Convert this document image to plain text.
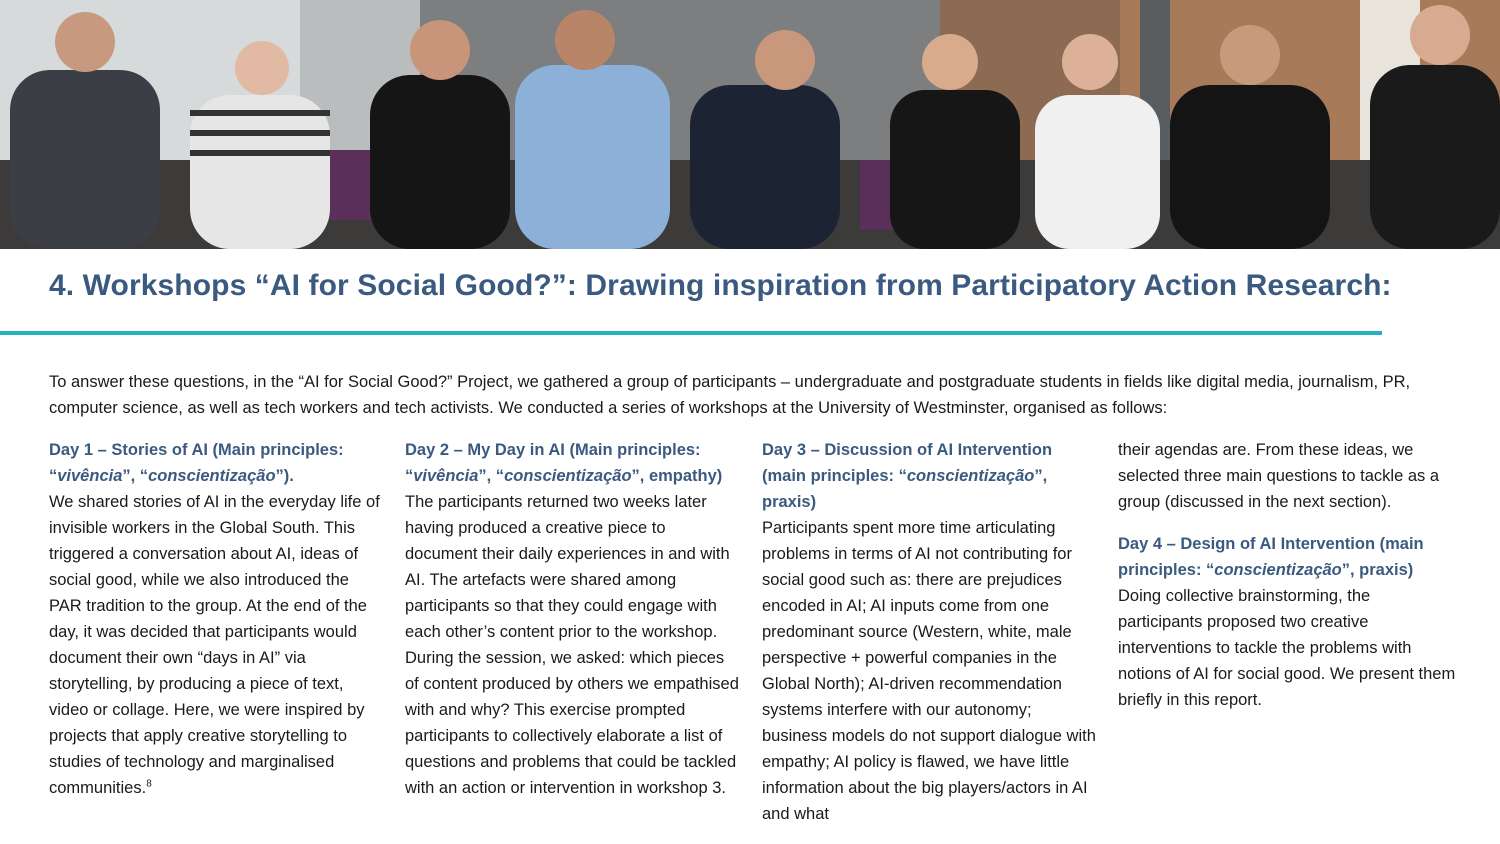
4. Workshops “AI for Social Good?”: Drawing inspiration from Participatory Action Research:

To answer these questions, in the “AI for Social Good?” Project, we gathered a group of participants – undergraduate and postgraduate students in fields like digital media, journalism, PR, computer science, as well as tech workers and tech activists. We conducted a series of workshops at the University of Westminster, organised as follows:

Day 1 – Stories of AI (Main principles: “vivência”, “conscientização”).

We shared stories of AI in the everyday life of invisible workers in the Global South. This triggered a conversation about AI, ideas of social good, while we also introduced the PAR tradition to the group. At the end of the day, it was decided that participants would document their own “days in AI” via storytelling, by producing a piece of text, video or collage. Here, we were inspired by projects that apply creative storytelling to studies of technology and marginalised communities.$^8$

Day 2 – My Day in AI (Main principles: “vivência”, “conscientização”, empathy)

The participants returned two weeks later having produced a creative piece to document their daily experiences in and with AI. The artefacts were shared among participants so that they could engage with each other’s content prior to the workshop. During the session, we asked: which pieces of content produced by others we empathised with and why? This exercise prompted participants to collectively elaborate a list of questions and problems that could be tackled with an action or intervention in workshop 3.

Day 3 – Discussion of AI Intervention (main principles: “conscientização”, praxis)

Participants spent more time articulating problems in terms of AI not contributing for social good such as: there are prejudices encoded in AI; AI inputs come from one predominant source (Western, white, male perspective + powerful companies in the Global North); AI-driven recommendation systems interfere with our autonomy; business models do not support dialogue with empathy; AI policy is flawed, we have little information about the big players/actors in AI and what

their agendas are. From these ideas, we selected three main questions to tackle as a group (discussed in the next section).

Day 4 – Design of AI Intervention (main principles: “conscientização”, praxis)

Doing collective brainstorming, the participants proposed two creative interventions to tackle the problems with notions of AI for social good. We present them briefly in this report.
